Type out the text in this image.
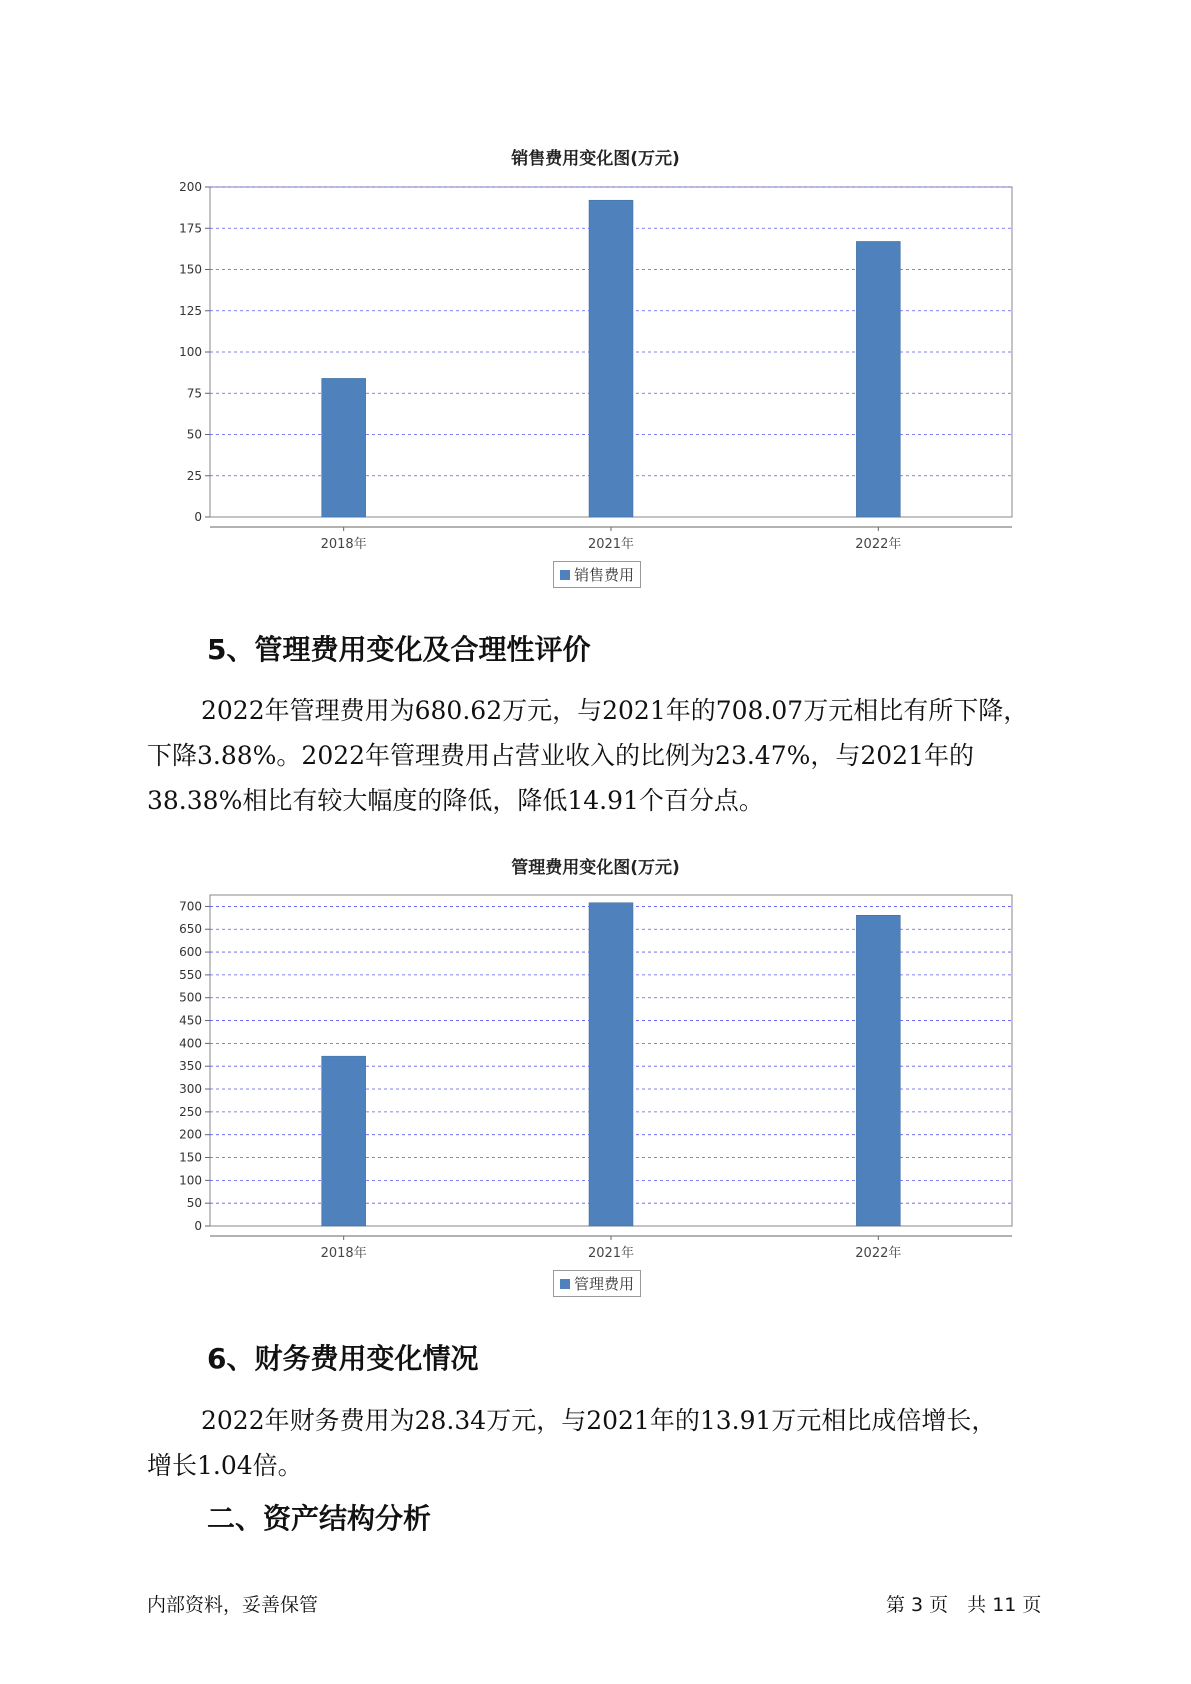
销售费用变化图(万元)
0
25
50
75
100
125
150
175
200
2018年	2021年	2022年
销售费用
5、管理费用变化及合理性评价
2022年管理费用为680.62万元，与2021年的708.07万元相比有所下降，
下降3.88%。2022年管理费用占营业收入的比例为23.47%，与2021年的
38.38%相比有较大幅度的降低，降低14.91个百分点。
管理费用变化图(万元)
0
50
100
150
200
250
300
350
400
450
500
550
600
650
700
2018年	2021年	2022年
管理费用
6、财务费用变化情况
2022年财务费用为28.34万元，与2021年的13.91万元相比成倍增长，
增长1.04倍。
二、资产结构分析
内部资料，妥善保管	第 3 页　共 11 页
